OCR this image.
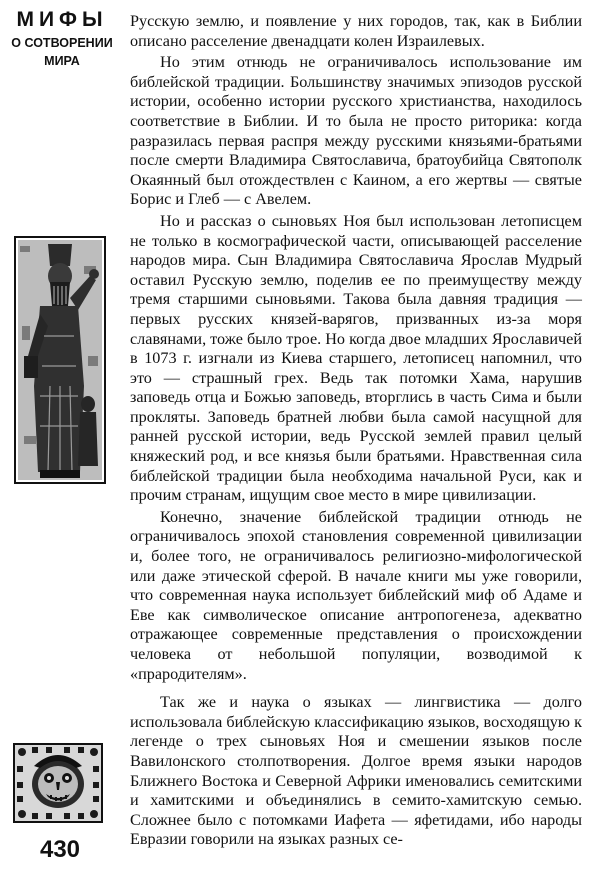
МИФЫ
О СОТВОРЕНИИ
МИРА
430

Русскую землю, и появление у них городов, так, как в Библии описано расселение двенадцати колен Израилевых.

Но этим отнюдь не ограничивалось использование им библейской традиции. Большинству значимых эпизодов русской истории, особенно истории русского христианства, находилось соответствие в Библии. И то была не просто риторика: когда разразилась первая распря между русскими князьями-братьями после смерти Владимира Святославича, братоубийца Святополк Окаянный был отождествлен с Каином, а его жертвы — святые Борис и Глеб — с Авелем.

Но и рассказ о сыновьях Ноя был использован летописцем не только в космографической части, описывающей расселение народов мира. Сын Владимира Святославича Ярослав Мудрый оставил Русскую землю, поделив ее по преимуществу между тремя старшими сыновьями. Такова была давняя традиция — первых русских князей-варягов, призванных из-за моря славянами, тоже было трое. Но когда двое младших Ярославичей в 1073 г. изгнали из Киева старшего, летописец напомнил, что это — страшный грех. Ведь так потомки Хама, нарушив заповедь отца и Божью заповедь, вторглись в часть Сима и были прокляты. Заповедь братней любви была самой насущной для ранней русской истории, ведь Русской землей правил целый княжеский род, и все князья были братьями. Нравственная сила библейской традиции была необходима начальной Руси, как и прочим странам, ищущим свое место в мире цивилизации.

Конечно, значение библейской традиции отнюдь не ограничивалось эпохой становления современной цивилизации и, более того, не ограничивалось религиозно-мифологической или даже этической сферой. В начале книги мы уже говорили, что современная наука использует библейский миф об Адаме и Еве как символическое описание антропогенеза, адекватно отражающее современные представления о происхождении человека от небольшой популяции, возводимой к «прародителям».

Так же и наука о языках — лингвистика — долго использовала библейскую классификацию языков, восходящую к легенде о трех сыновьях Ноя и смешении языков после Вавилонского столпотворения. Долгое время языки народов Ближнего Востока и Северной Африки именовались семитскими и хамитскими и объединялись в семито-хамитскую семью. Сложнее было с потомками Иафета — яфетидами, ибо народы Евразии говорили на языках разных се-
